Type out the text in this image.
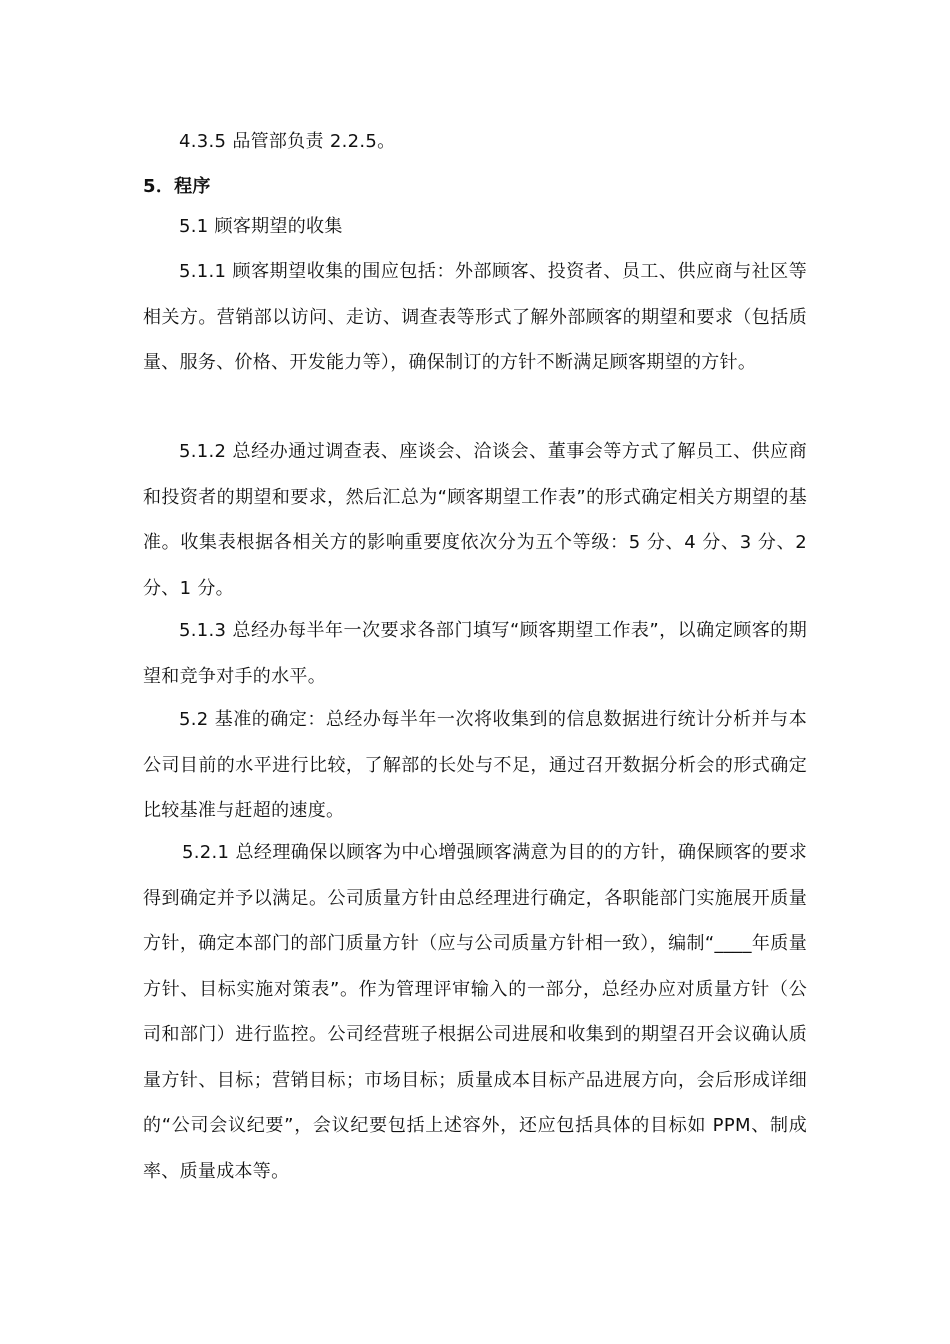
4.3.5 品管部负责 2.2.5。
5．程序
5.1 顾客期望的收集
5.1.1 顾客期望收集的围应包括：外部顾客、投资者、员工、供应商与社区等相关方。营销部以访问、走访、调查表等形式了解外部顾客的期望和要求（包括质量、服务、价格、开发能力等），确保制订的方针不断满足顾客期望的方针。
5.1.2 总经办通过调查表、座谈会、洽谈会、董事会等方式了解员工、供应商和投资者的期望和要求，然后汇总为“顾客期望工作表”的形式确定相关方期望的基准。收集表根据各相关方的影响重要度依次分为五个等级：5 分、4 分、3 分、2 分、1 分。
5.1.3 总经办每半年一次要求各部门填写“顾客期望工作表”，以确定顾客的期望和竞争对手的水平。
5.2 基准的确定：总经办每半年一次将收集到的信息数据进行统计分析并与本公司目前的水平进行比较，了解部的长处与不足，通过召开数据分析会的形式确定比较基准与赶超的速度。
5.2.1 总经理确保以顾客为中心增强顾客满意为目的的方针，确保顾客的要求得到确定并予以满足。公司质量方针由总经理进行确定，各职能部门实施展开质量方针，确定本部门的部门质量方针（应与公司质量方针相一致），编制“____年质量方针、目标实施对策表”。作为管理评审输入的一部分，总经办应对质量方针（公司和部门）进行监控。公司经营班子根据公司进展和收集到的期望召开会议确认质量方针、目标；营销目标；市场目标；质量成本目标产品进展方向，会后形成详细的“公司会议纪要”，会议纪要包括上述容外，还应包括具体的目标如 PPM、制成率、质量成本等。
